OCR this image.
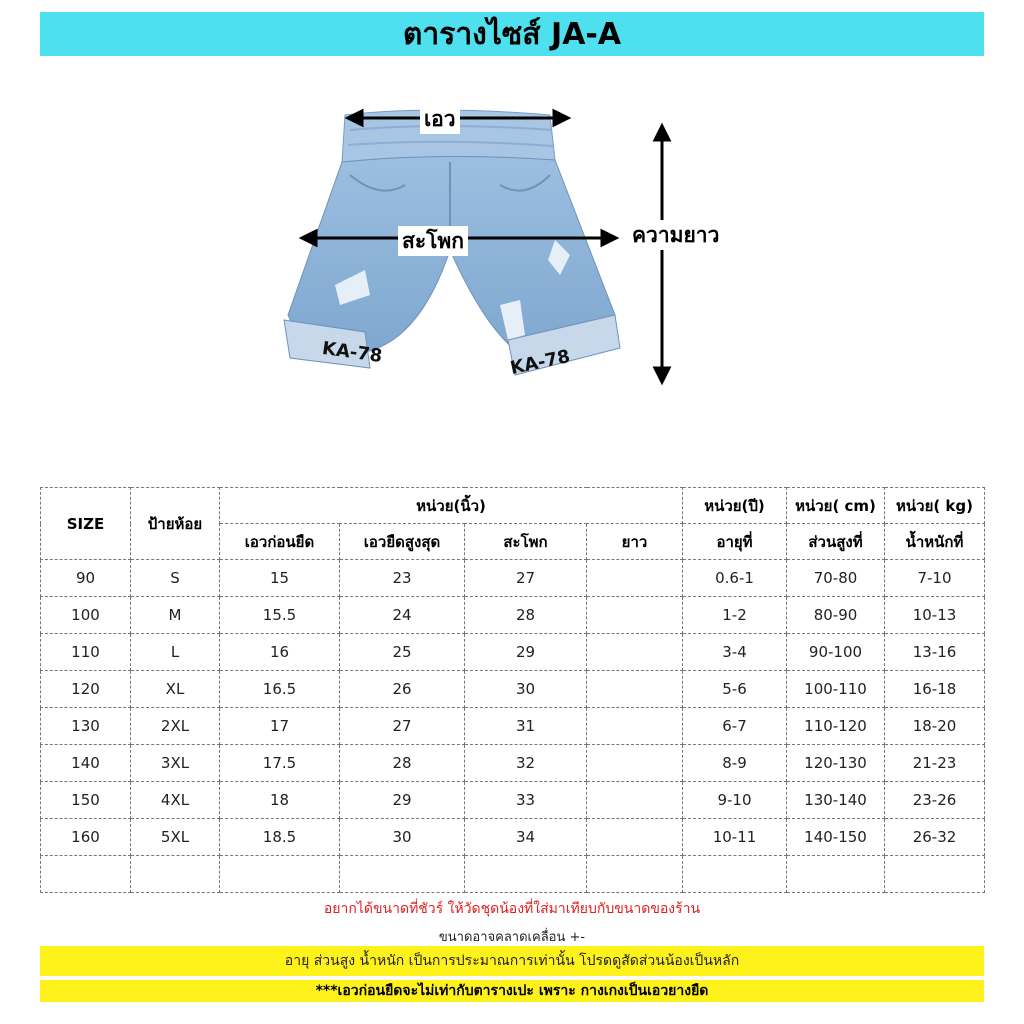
ตารางไซส์ JA-A
เอว
สะโพก	ความยาว
KA-78	KA-78
SIZE	ป้ายห้อย	หน่วย(นิ้ว)				หน่วย(ปี)	หน่วย( cm)	หน่วย( kg)
		เอวก่อนยืด	เอวยืดสูงสุด	สะโพก	ยาว	อายุที่	ส่วนสูงที่	น้ำหนักที่
90	S	15	23	27		0.6-1	70-80	7-10
100	M	15.5	24	28		1-2	80-90	10-13
110	L	16	25	29		3-4	90-100	13-16
120	XL	16.5	26	30		5-6	100-110	16-18
130	2XL	17	27	31		6-7	110-120	18-20
140	3XL	17.5	28	32		8-9	120-130	21-23
150	4XL	18	29	33		9-10	130-140	23-26
160	5XL	18.5	30	34		10-11	140-150	26-32

อยากได้ขนาดที่ชัวร์ ให้วัดชุดน้องที่ใส่มาเทียบกับขนาดของร้าน
ขนาดอาจคลาดเคลื่อน +-
อายุ ส่วนสูง น้ำหนัก เป็นการประมาณการเท่านั้น โปรดดูสัดส่วนน้องเป็นหลัก
***เอวก่อนยืดจะไม่เท่ากับตารางเปะ เพราะ กางเกงเป็นเอวยางยืด
